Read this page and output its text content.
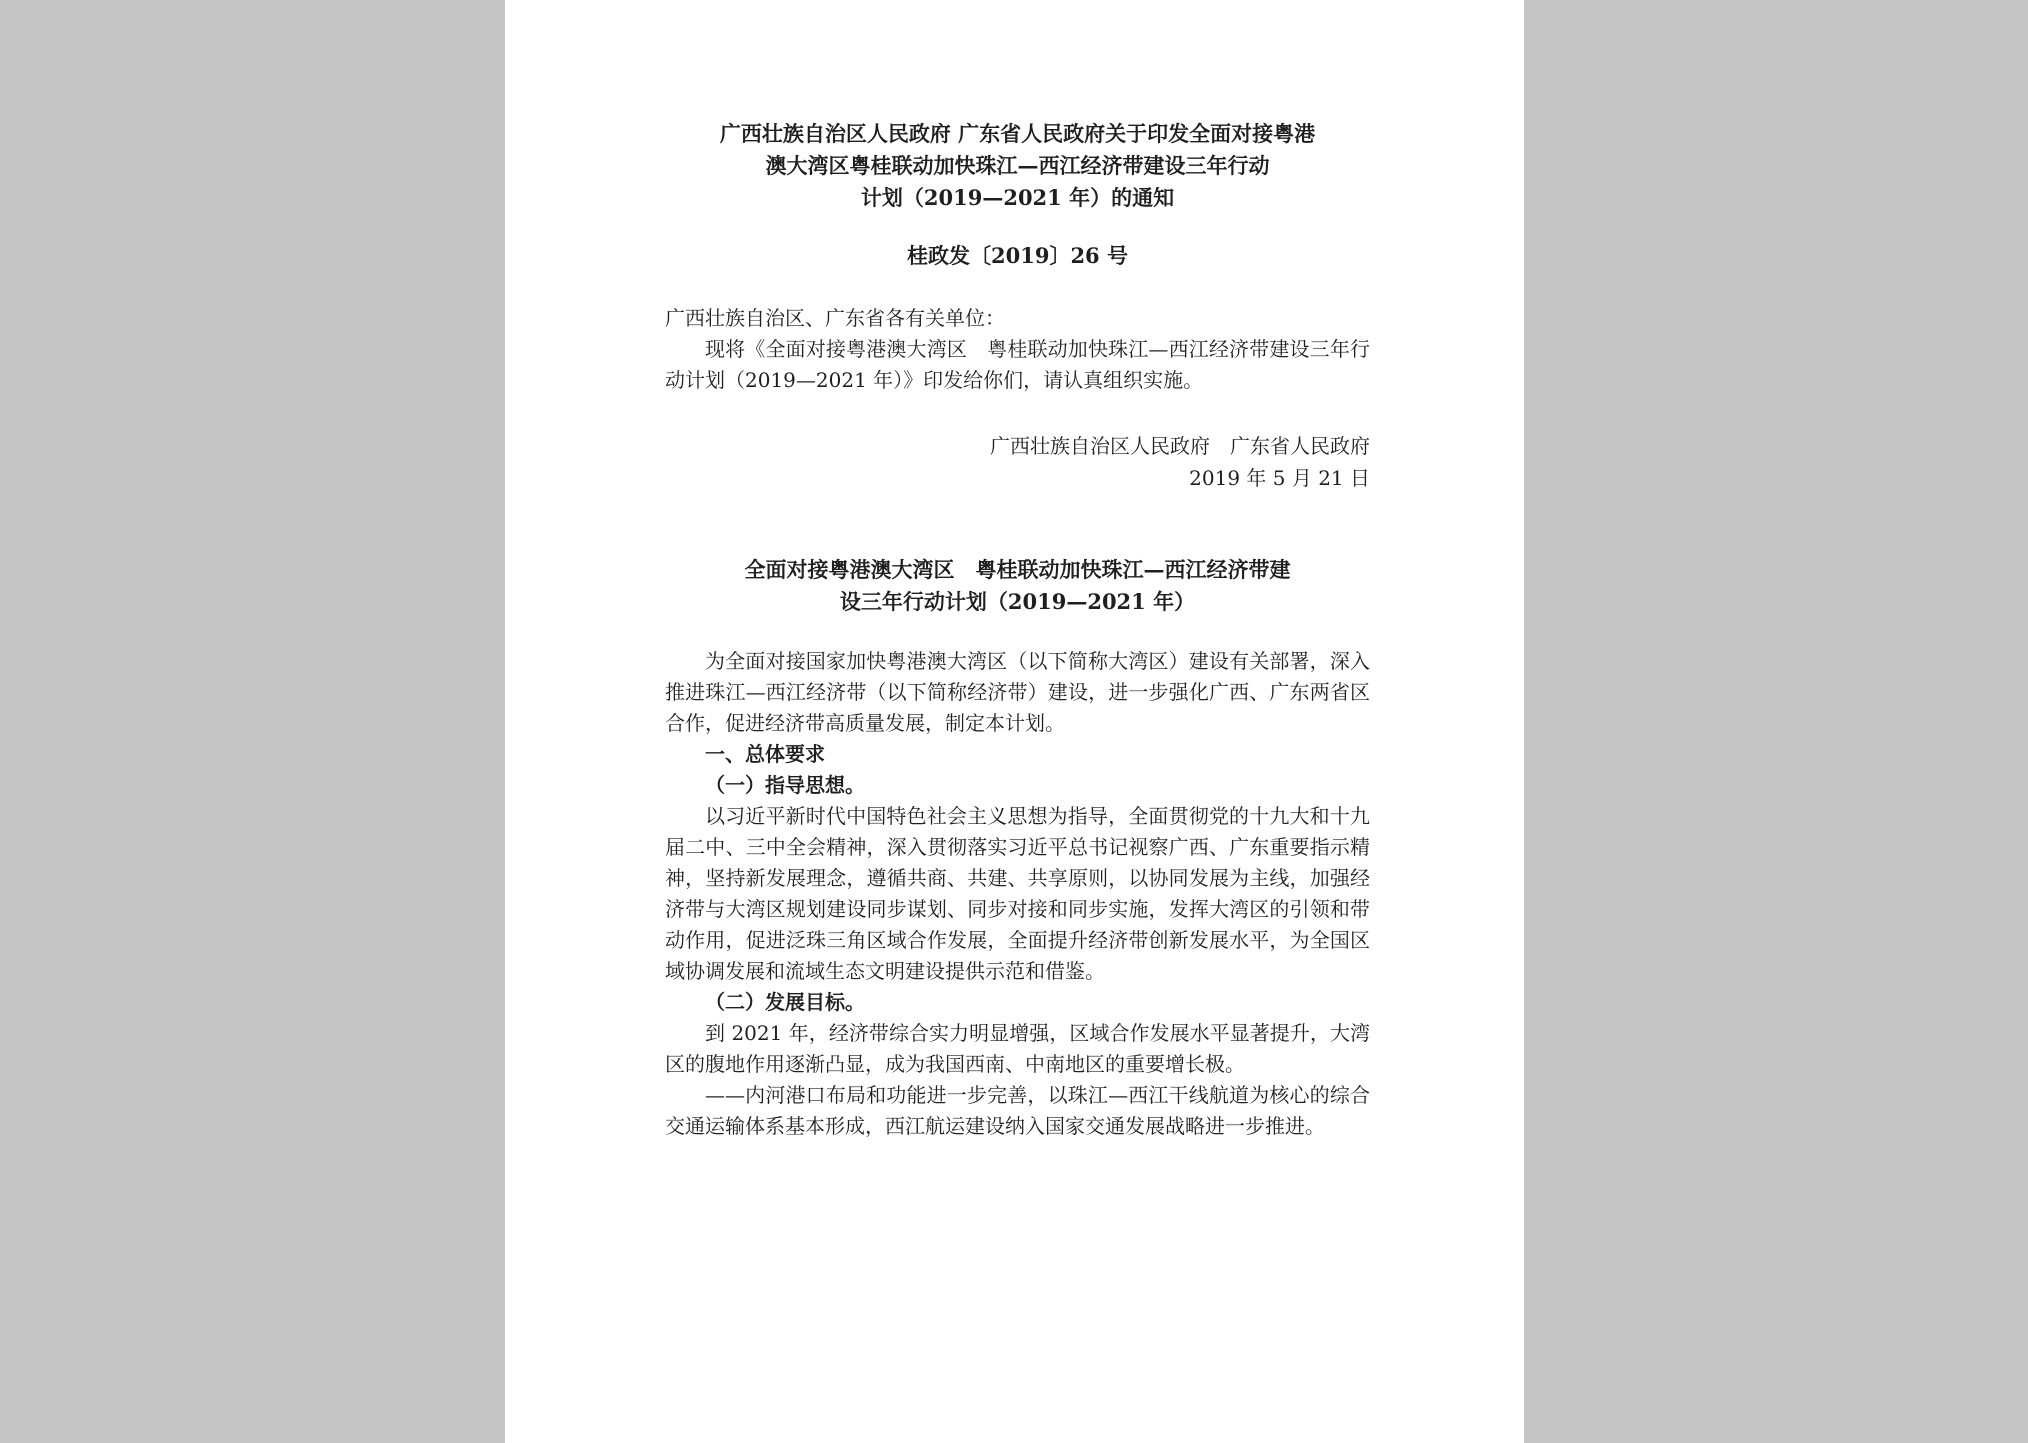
广西壮族自治区人民政府 广东省人民政府关于印发全面对接粤港
澳大湾区粤桂联动加快珠江—西江经济带建设三年行动
计划（2019—2021 年）的通知
桂政发〔2019〕26 号
广西壮族自治区、广东省各有关单位：

现将《全面对接粤港澳大湾区　粤桂联动加快珠江—西江经济带建设三年行动计划（2019—2021 年）》印发给你们，请认真组织实施。

广西壮族自治区人民政府　广东省人民政府
2019 年 5 月 21 日
全面对接粤港澳大湾区　粤桂联动加快珠江—西江经济带建
设三年行动计划（2019—2021 年）

为全面对接国家加快粤港澳大湾区（以下简称大湾区）建设有关部署，深入推进珠江—西江经济带（以下简称经济带）建设，进一步强化广西、广东两省区合作，促进经济带高质量发展，制定本计划。

一、总体要求

（一）指导思想。

以习近平新时代中国特色社会主义思想为指导，全面贯彻党的十九大和十九届二中、三中全会精神，深入贯彻落实习近平总书记视察广西、广东重要指示精神，坚持新发展理念，遵循共商、共建、共享原则，以协同发展为主线，加强经济带与大湾区规划建设同步谋划、同步对接和同步实施，发挥大湾区的引领和带动作用，促进泛珠三角区域合作发展，全面提升经济带创新发展水平，为全国区域协调发展和流域生态文明建设提供示范和借鉴。

（二）发展目标。

到 2021 年，经济带综合实力明显增强，区域合作发展水平显著提升，大湾区的腹地作用逐渐凸显，成为我国西南、中南地区的重要增长极。

——内河港口布局和功能进一步完善，以珠江—西江干线航道为核心的综合交通运输体系基本形成，西江航运建设纳入国家交通发展战略进一步推进。
